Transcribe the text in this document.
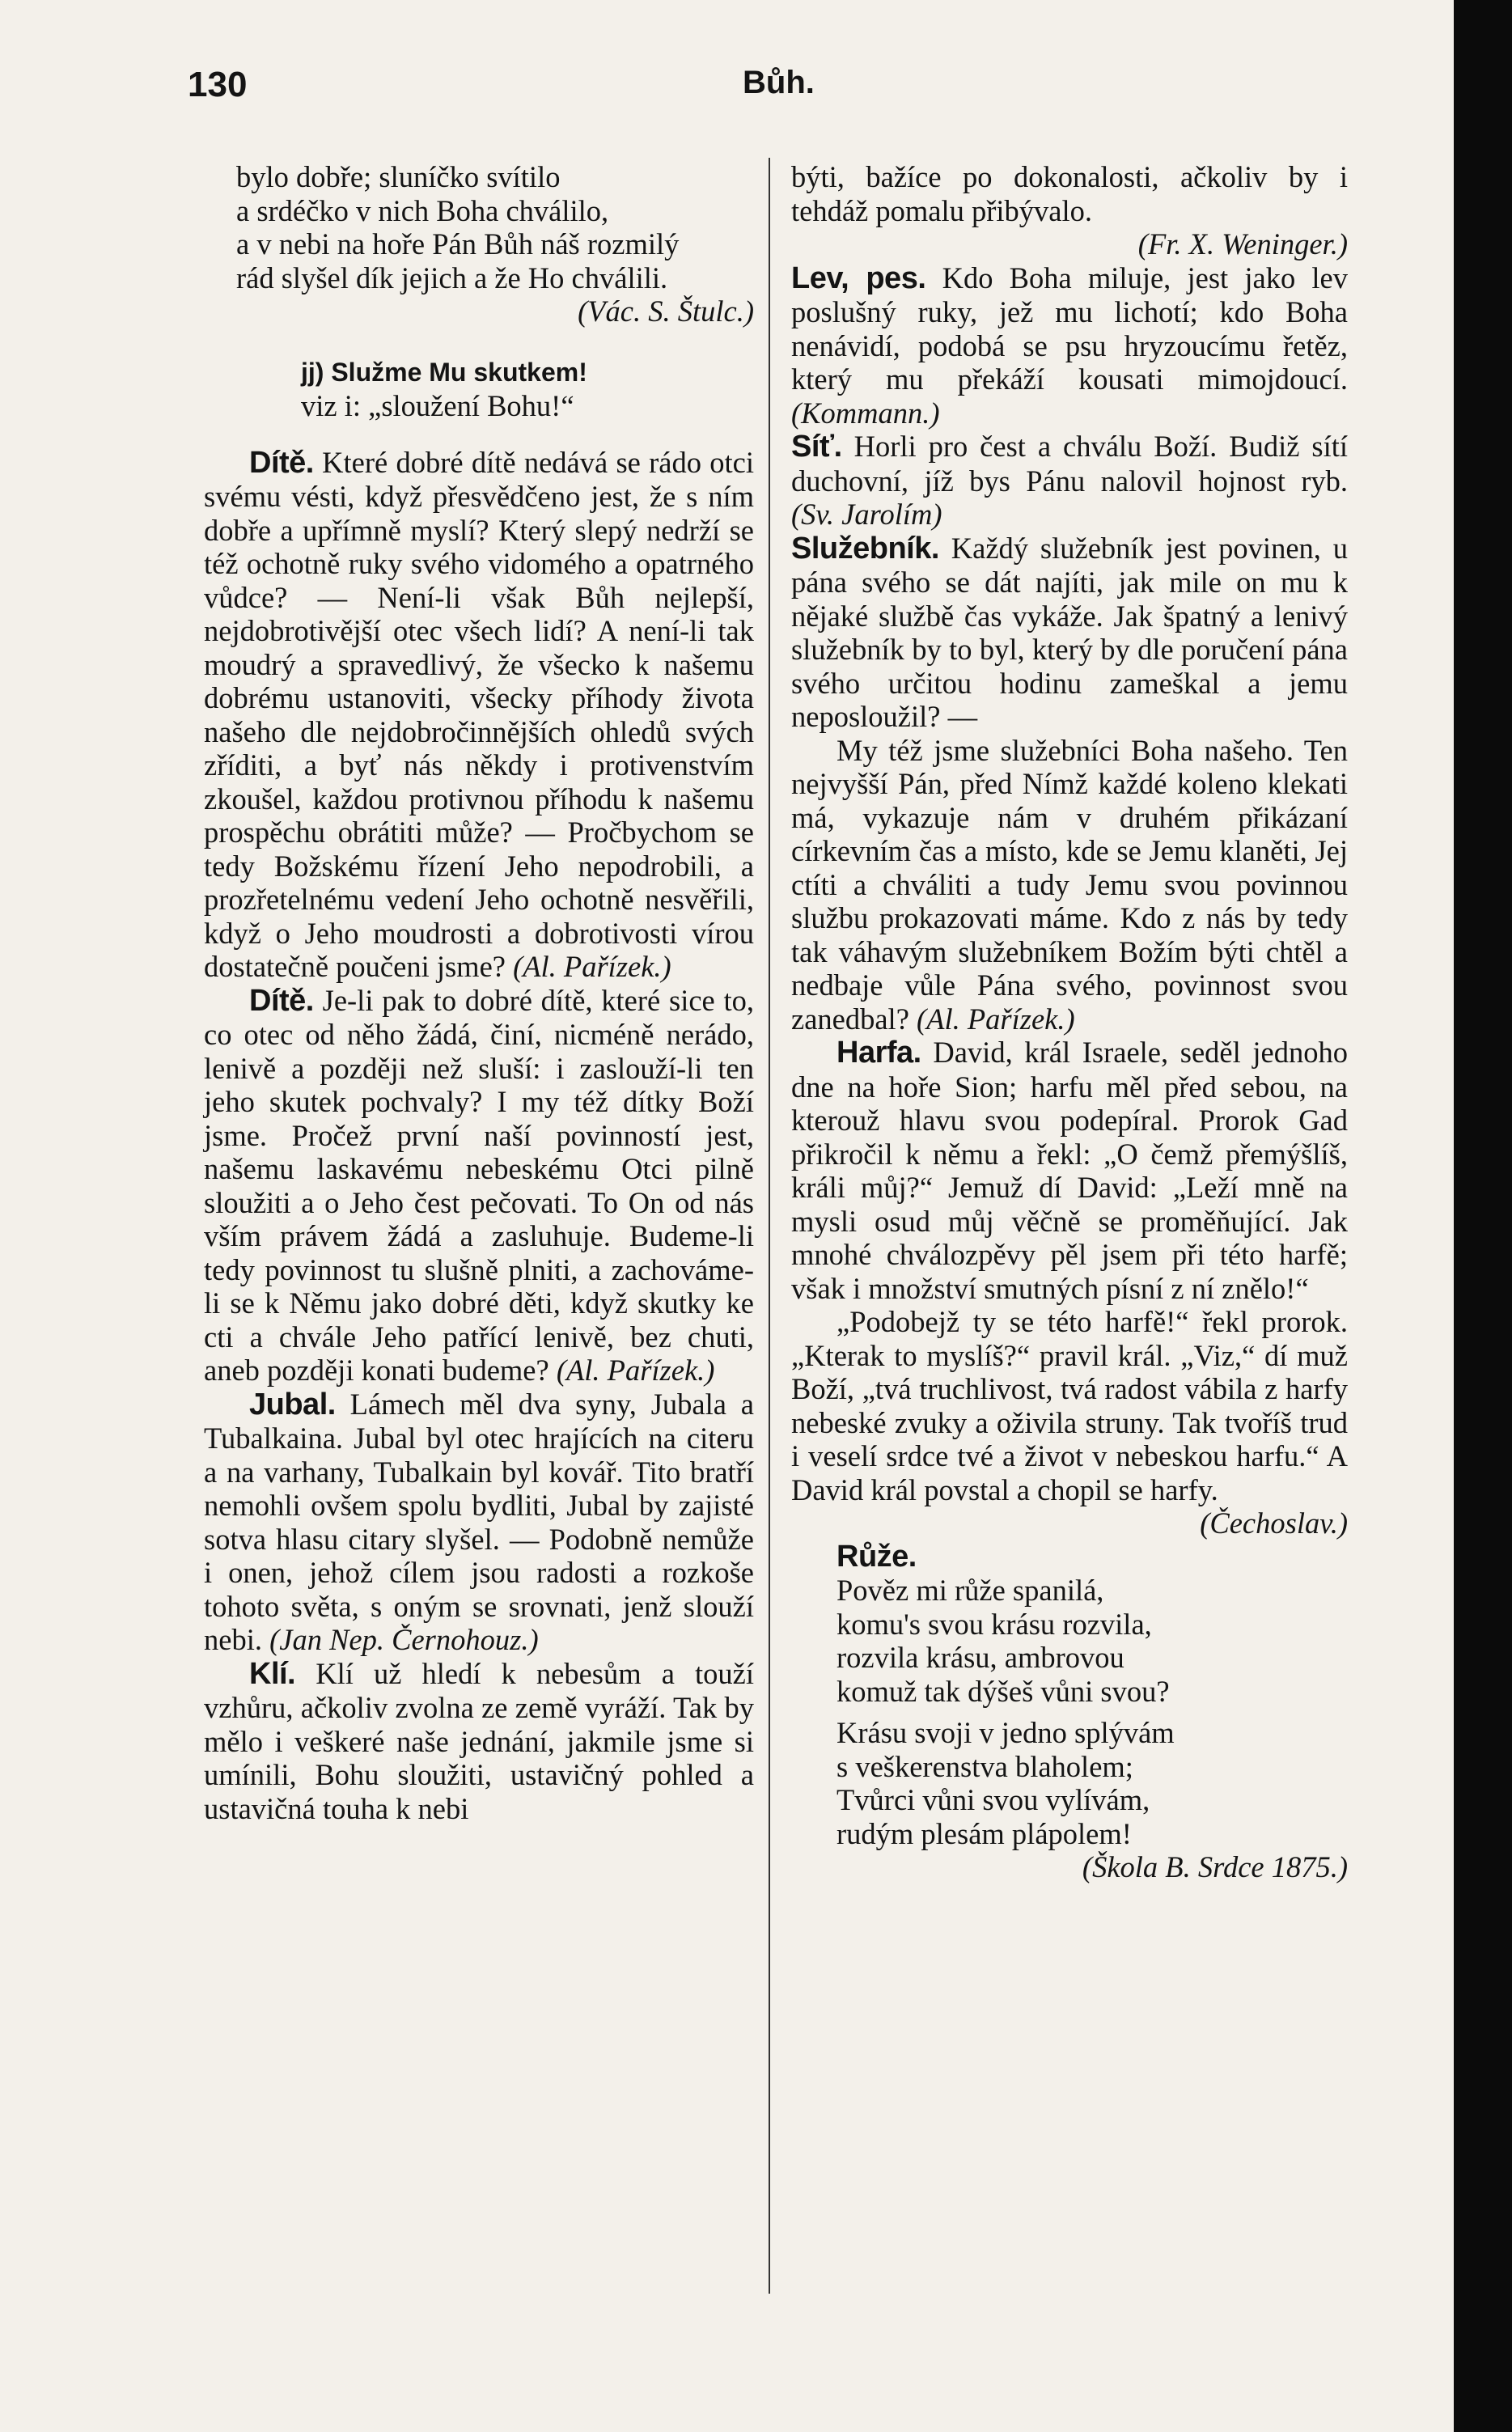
130	Bůh.
bylo dobře; sluníčko svítilo
a srdéčko v nich Boha chválilo,
a v nebi na hoře Pán Bůh náš rozmilý
rád slyšel dík jejich a že Ho chválili.
(Vác. S. Štulc.)
jj) Služme Mu skutkem!
viz i: „sloužení Bohu!“

Dítě. Které dobré dítě nedává se rádo otci svému vésti, když přesvědčeno jest, že s ním dobře a upřímně myslí? Který slepý nedrží se též ochotně ruky svého vidomého a opatrného vůdce? — Není-li však Bůh nejlepší, nejdobrotivější otec všech lidí? A není-li tak moudrý a spravedlivý, že všecko k našemu dobrému ustanoviti, všecky příhody života našeho dle nejdobročinnějších ohledů svých zříditi, a byť nás někdy i protivenstvím zkoušel, každou protivnou příhodu k našemu prospěchu obrátiti může? — Pročbychom se tedy Božskému řízení Jeho nepodrobili, a prozřetelnému vedení Jeho ochotně nesvěřili, když o Jeho moudrosti a dobrotivosti vírou dostatečně poučeni jsme? (Al. Pařízek.)

Dítě. Je-li pak to dobré dítě, které sice to, co otec od něho žádá, činí, nicméně nerádo, lenivě a později než sluší: i zaslouží-li ten jeho skutek pochvaly? I my též dítky Boží jsme. Pročež první naší povinností jest, našemu laskavému nebeskému Otci pilně sloužiti a o Jeho čest pečovati. To On od nás vším právem žádá a zasluhuje. Budeme-li tedy povinnost tu slušně plniti, a zachováme-li se k Němu jako dobré děti, když skutky ke cti a chvále Jeho patřící lenivě, bez chuti, aneb později konati budeme? (Al. Pařízek.)

Jubal. Lámech měl dva syny, Jubala a Tubalkaina. Jubal byl otec hrajících na citeru a na varhany, Tubalkain byl kovář. Tito bratří nemohli ovšem spolu bydliti, Jubal by zajisté sotva hlasu citary slyšel. — Podobně nemůže i onen, jehož cílem jsou radosti a rozkoše tohoto světa, s oným se srovnati, jenž slouží nebi. (Jan Nep. Černohouz.)

Klí. Klí už hledí k nebesům a touží vzhůru, ačkoliv zvolna ze země vyráží. Tak by mělo i veškeré naše jednání, jakmile jsme si umínili, Bohu sloužiti, ustavičný pohled a ustavičná touha k nebi

býti, bažíce po dokonalosti, ačkoliv by i tehdáž pomalu přibývalo.
(Fr. X. Weninger.)

Lev, pes. Kdo Boha miluje, jest jako lev poslušný ruky, jež mu lichotí; kdo Boha nenávidí, podobá se psu hryzoucímu řetěz, který mu překáží kousati mimojdoucí. (Kommann.)

Síť. Horli pro čest a chválu Boží. Budiž sítí duchovní, jíž bys Pánu nalovil hojnost ryb. (Sv. Jarolím)

Služebník. Každý služebník jest povinen, u pána svého se dát najíti, jak mile on mu k nějaké službě čas vykáže. Jak špatný a lenivý služebník by to byl, který by dle poručení pána svého určitou hodinu zameškal a jemu neposloužil? —

My též jsme služebníci Boha našeho. Ten nejvyšší Pán, před Nímž každé koleno klekati má, vykazuje nám v druhém přikázaní církevním čas a místo, kde se Jemu klaněti, Jej ctíti a chváliti a tudy Jemu svou povinnou službu prokazovati máme. Kdo z nás by tedy tak váhavým služebníkem Božím býti chtěl a nedbaje vůle Pána svého, povinnost svou zanedbal? (Al. Pařízek.)

Harfa. David, král Israele, seděl jednoho dne na hoře Sion; harfu měl před sebou, na kterouž hlavu svou podepíral. Prorok Gad přikročil k němu a řekl: „O čemž přemýšlíš, králi můj?“ Jemuž dí David: „Leží mně na mysli osud můj věčně se proměňující. Jak mnohé chválozpěvy pěl jsem při této harfě; však i množství smutných písní z ní znělo!“

„Podobejž ty se této harfě!“ řekl prorok. „Kterak to myslíš?“ pravil král. „Viz,“ dí muž Boží, „tvá truchlivost, tvá radost vábila z harfy nebeské zvuky a oživila struny. Tak tvoříš trud i veselí srdce tvé a život v nebeskou harfu.“ A David král povstal a chopil se harfy.
(Čechoslav.)

Růže.
Pověz mi růže spanilá,
komu's svou krásu rozvila,
rozvila krásu, ambrovou
komuž tak dýšeš vůni svou?
Krásu svoji v jedno splývám
s veškerenstva blaholem;
Tvůrci vůni svou vylívám,
rudým plesám plápolem!
(Škola B. Srdce 1875.)
